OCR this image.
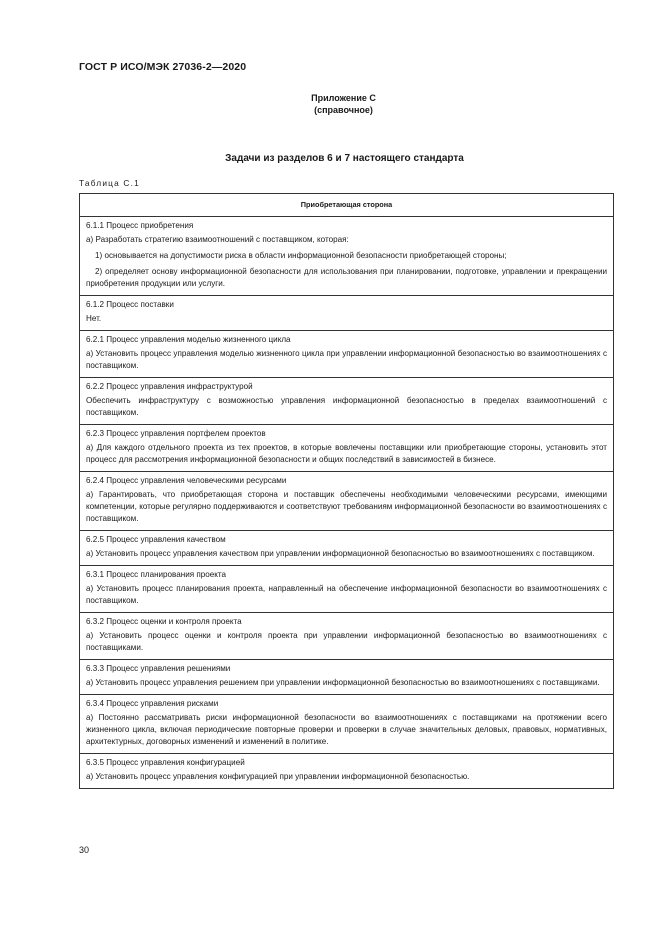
ГОСТ Р ИСО/МЭК 27036-2—2020
Приложение С
(справочное)
Задачи из разделов 6 и 7 настоящего стандарта
Таблица С.1
Приобретающая сторона

6.1.1 Процесс приобретения
а) Разработать стратегию взаимоотношений с поставщиком, которая:
1) основывается на допустимости риска в области информационной безопасности приобретающей стороны;
2) определяет основу информационной безопасности для использования при планировании, подготовке, управлении и прекращении приобретения продукции или услуги.

6.1.2 Процесс поставки
Нет.

6.2.1 Процесс управления моделью жизненного цикла
а) Установить процесс управления моделью жизненного цикла при управлении информационной безопасностью во взаимоотношениях с поставщиком.

6.2.2 Процесс управления инфраструктурой
Обеспечить инфраструктуру с возможностью управления информационной безопасностью в пределах взаимоотношений с поставщиком.

6.2.3 Процесс управления портфелем проектов
а) Для каждого отдельного проекта из тех проектов, в которые вовлечены поставщики или приобретающие стороны, установить этот процесс для рассмотрения информационной безопасности и общих последствий в зависимостей в бизнесе.

6.2.4 Процесс управления человеческими ресурсами
а) Гарантировать, что приобретающая сторона и поставщик обеспечены необходимыми человеческими ресурсами, имеющими компетенции, которые регулярно поддерживаются и соответствуют требованиям информационной безопасности во взаимоотношениях с поставщиком.

6.2.5 Процесс управления качеством
а) Установить процесс управления качеством при управлении информационной безопасностью во взаимоотношениях с поставщиком.

6.3.1 Процесс планирования проекта
а) Установить процесс планирования проекта, направленный на обеспечение информационной безопасности во взаимоотношениях с поставщиком.

6.3.2 Процесс оценки и контроля проекта
а) Установить процесс оценки и контроля проекта при управлении информационной безопасностью во взаимоотношениях с поставщиками.

6.3.3 Процесс управления решениями
а) Установить процесс управления решением при управлении информационной безопасностью во взаимоотношениях с поставщиками.

6.3.4 Процесс управления рисками
а) Постоянно рассматривать риски информационной безопасности во взаимоотношениях с поставщиками на протяжении всего жизненного цикла, включая периодические повторные проверки и проверки в случае значительных деловых, правовых, нормативных, архитектурных, договорных изменений и изменений в политике.

6.3.5 Процесс управления конфигурацией
а) Установить процесс управления конфигурацией при управлении информационной безопасностью.
30
